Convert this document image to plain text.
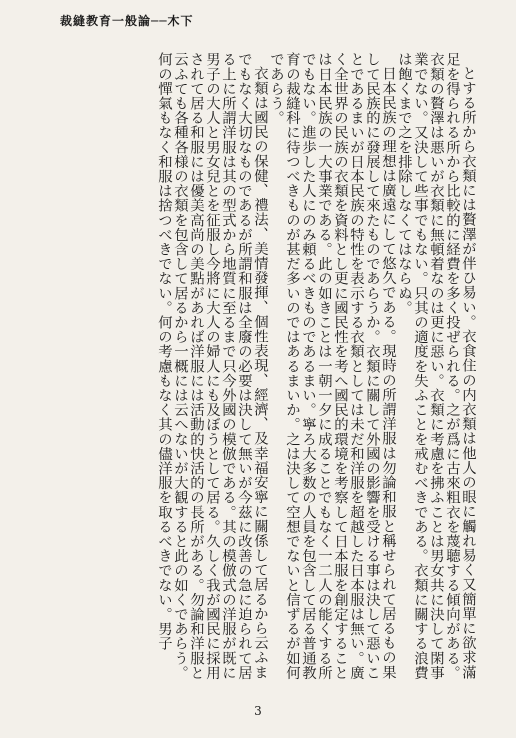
裁縫教育一般論──木下

とする所から衣類には贅澤が伴ひ易い。衣食住の内衣類は他人の眼に觸れ易く又簡單に欲求滿足を得られる所から比較的に経費を多く投ぜられる。之が爲に古來粗衣を蔑聴する傾向がある。衣類の贅澤は悪いが衣類に無頓着なのは更に惡い。衣類に考慮を拂ふことは男女共に決して閑事業でない。又決して些事でもない。只其の適度を失ふことを戒むべきである。衣類に關する浪費は飽くまで之を排除しなくてはならぬ。

日本民族の理想は廣遠にして悠久である。現時の所謂洋服は勿論和服と稱せられて居るもの果して民族的に發展して來たものであらうか。衣類に關して外國の影響を受ける事は決して惡いことであるまいが日本民族の特性を表示する衣類としては未だ和洋服を超越した日本服は無い。廣く全世界の民族の衣類を資料とし更に國民性を考へ國民的環境を考察して日本服を創定することは日本民族の一大事業である。此の如きことは一朝一夕に成ることでもなく一二人の能くする所でもない。進歩した人にのみ頼るべきものであるまい。寧ろ大多数の人員を包含して居る普通教育の裁縫科に待つべきものが甚だ多いのではあるまいか。之は決して空想でないと信ずるが如何であらう。

衣類は國民の保健、禮法、美情發揮、個性表現、經濟、及幸福安寧に關係して居るから云ふまでもなく大切なものであるが所謂和服は全廢の必要は決して無いが今茲に改善の急に迫られて居る上に所謂洋服は其の型式から地質に至るまで只今外國の模倣である。其の模倣式の洋服が既に男子の大人と男女兒とを征服し今將に大人の婦人にも及ぼうとして居る。久しく我が國民に採用されて居る和服には優美高尚の美點があれば洋服には活動的快活的の長所がある。勿論和洋服と云ふても各種各様の衣類を包含して居るから一概には云へないが大観すると此の如くであらう。何の憚氣もなく和服は捨つべきでない。何の考慮もなく其の儘洋服を取るべきでない。男子

3
